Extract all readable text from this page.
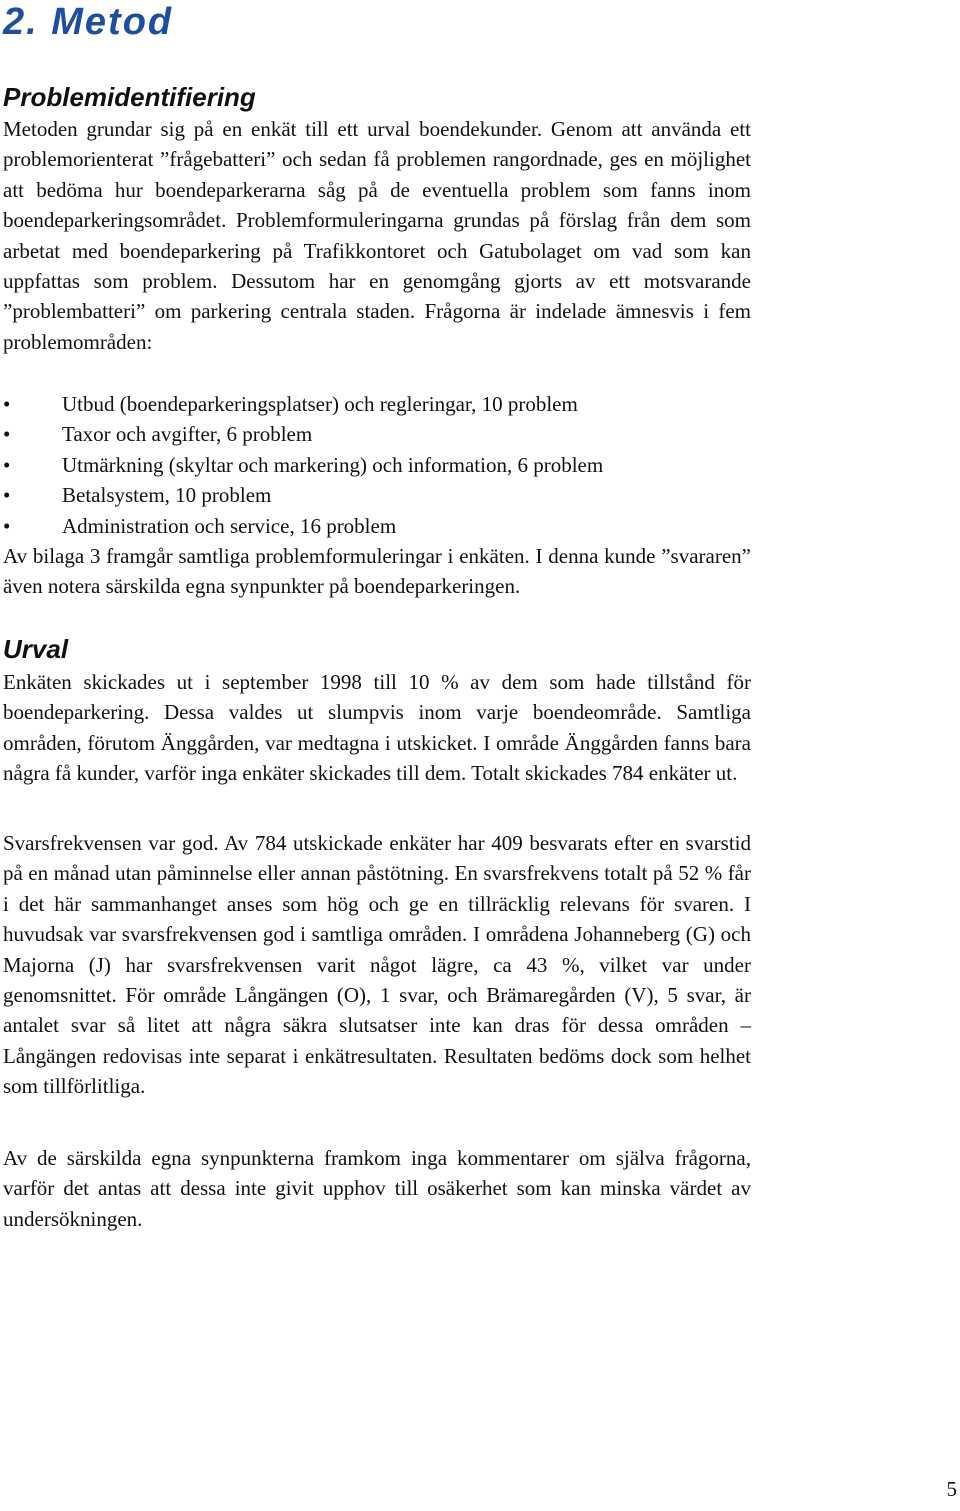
2. Metod
Problemidentifiering

Metoden grundar sig på en enkät till ett urval boendekunder. Genom att använda ett problemorienterat ”frågebatteri” och sedan få problemen rangordnade, ges en möjlighet att bedöma hur boendeparkerarna såg på de eventuella problem som fanns inom boendeparkeringsområdet. Problemformuleringarna grundas på förslag från dem som arbetat med boendeparkering på Trafikkontoret och Gatubolaget om vad som kan uppfattas som problem. Dessutom har en genomgång gjorts av ett motsvarande ”problembatteri” om parkering centrala staden. Frågorna är indelade ämnesvis i fem problemområden:

• Utbud (boendeparkeringsplatser) och regleringar, 10 problem
• Taxor och avgifter, 6 problem
• Utmärkning (skyltar och markering) och information, 6 problem
• Betalsystem, 10 problem
• Administration och service, 16 problem

Av bilaga 3 framgår samtliga problemformuleringar i enkäten. I denna kunde ”svararen” även notera särskilda egna synpunkter på boendeparkeringen.

Urval

Enkäten skickades ut i september 1998 till 10 % av dem som hade tillstånd för boendeparkering. Dessa valdes ut slumpvis inom varje boendeområde. Samtliga områden, förutom Änggården, var medtagna i utskicket. I område Änggården fanns bara några få kunder, varför inga enkäter skickades till dem. Totalt skickades 784 enkäter ut.

Svarsfrekvensen var god. Av 784 utskickade enkäter har 409 besvarats efter en svarstid på en månad utan påminnelse eller annan påstötning. En svarsfrekvens totalt på 52 % får i det här sammanhanget anses som hög och ge en tillräcklig relevans för svaren. I huvudsak var svarsfrekvensen god i samtliga områden. I områdena Johanneberg (G) och Majorna (J) har svarsfrekvensen varit något lägre, ca 43 %, vilket var under genomsnittet. För område Långängen (O), 1 svar, och Brämaregården (V), 5 svar, är antalet svar så litet att några säkra slutsatser inte kan dras för dessa områden – Långängen redovisas inte separat i enkätresultaten. Resultaten bedöms dock som helhet som tillförlitliga.

Av de särskilda egna synpunkterna framkom inga kommentarer om själva frågorna, varför det antas att dessa inte givit upphov till osäkerhet som kan minska värdet av undersökningen.

5
